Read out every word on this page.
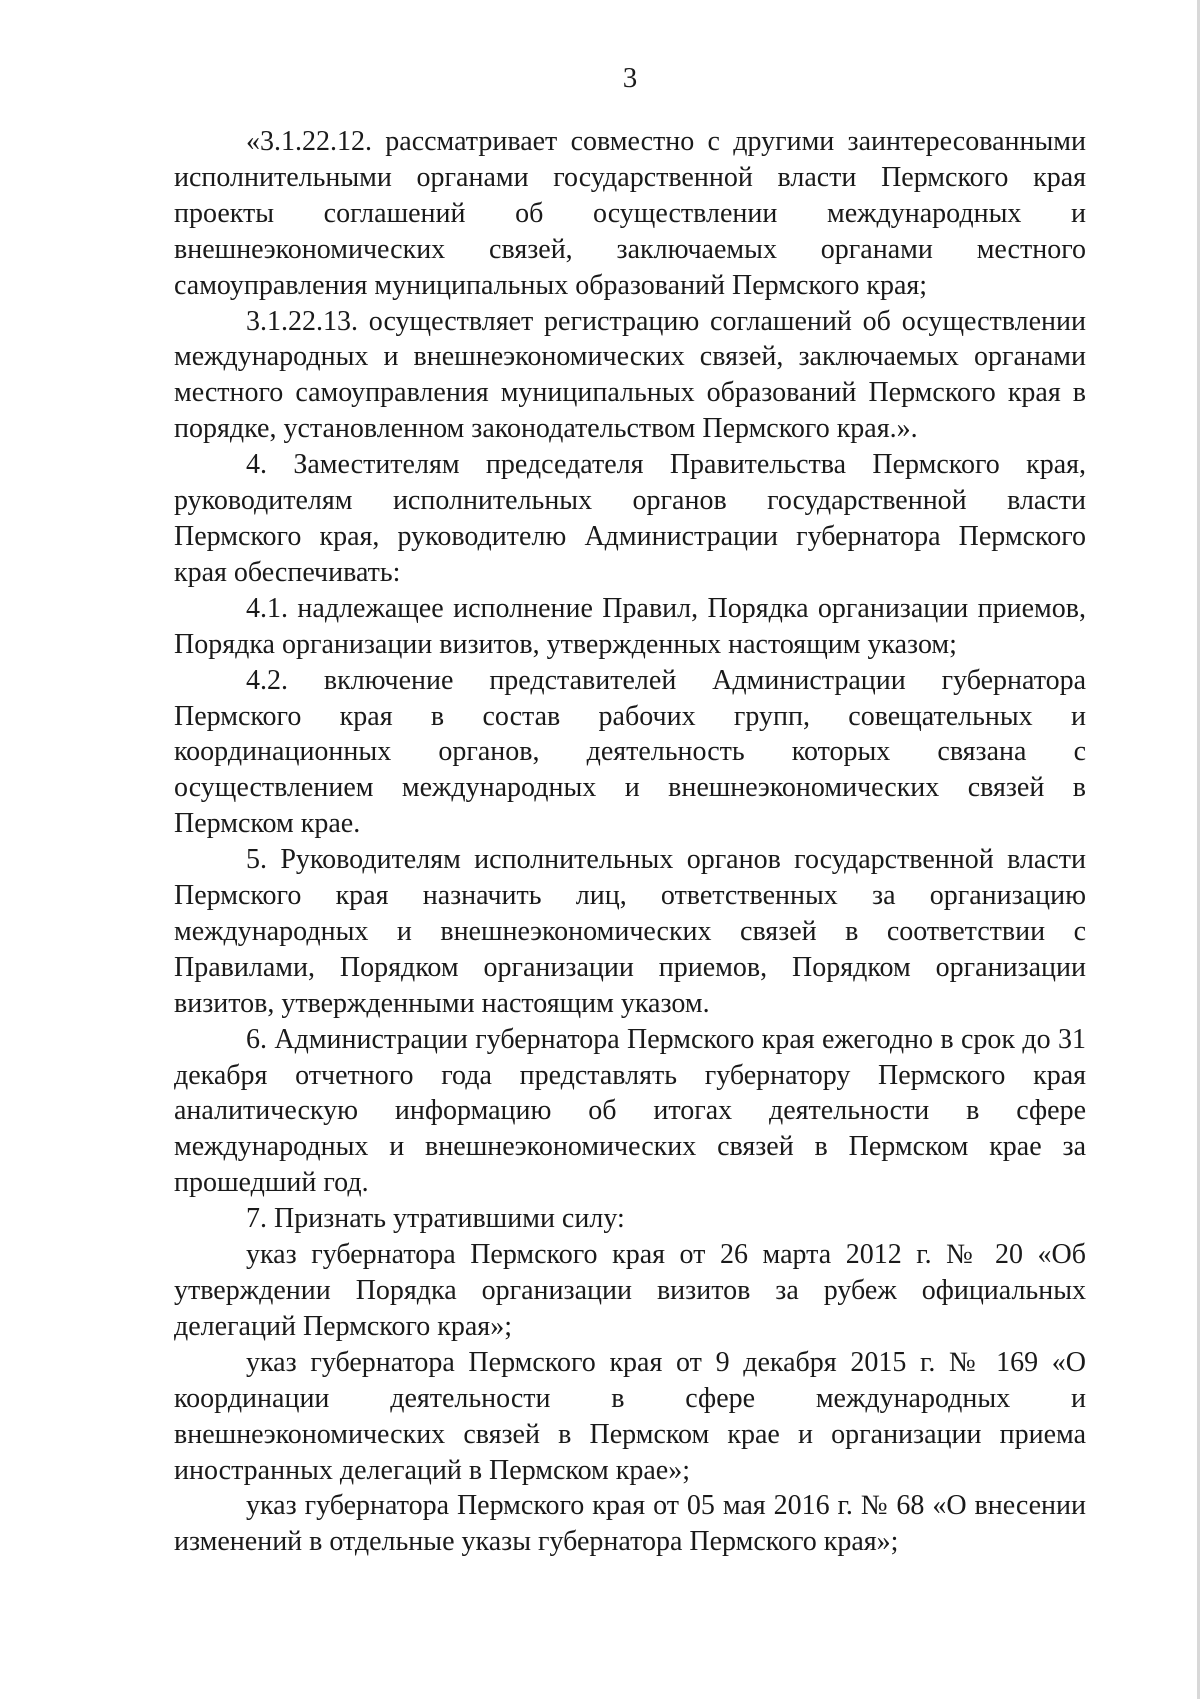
3

«3.1.22.12. рассматривает совместно с другими заинтересованными исполнительными органами государственной власти Пермского края проекты соглашений об осуществлении международных и внешнеэкономических связей, заключаемых органами местного самоуправления муниципальных образований Пермского края;

3.1.22.13. осуществляет регистрацию соглашений об осуществлении международных и внешнеэкономических связей, заключаемых органами местного самоуправления муниципальных образований Пермского края в порядке, установленном законодательством Пермского края.».

4. Заместителям председателя Правительства Пермского края, руководителям исполнительных органов государственной власти Пермского края, руководителю Администрации губернатора Пермского края обеспечивать:

4.1. надлежащее исполнение Правил, Порядка организации приемов, Порядка организации визитов, утвержденных настоящим указом;

4.2. включение представителей Администрации губернатора Пермского края в состав рабочих групп, совещательных и координационных органов, деятельность которых связана с осуществлением международных и внешнеэкономических связей в Пермском крае.

5. Руководителям исполнительных органов государственной власти Пермского края назначить лиц, ответственных за организацию международных и внешнеэкономических связей в соответствии с Правилами, Порядком организации приемов, Порядком организации визитов, утвержденными настоящим указом.

6. Администрации губернатора Пермского края ежегодно в срок до 31 декабря отчетного года представлять губернатору Пермского края аналитическую информацию об итогах деятельности в сфере международных и внешнеэкономических связей в Пермском крае за прошедший год.

7. Признать утратившими силу:

указ губернатора Пермского края от 26 марта 2012 г. № 20 «Об утверждении Порядка организации визитов за рубеж официальных делегаций Пермского края»;

указ губернатора Пермского края от 9 декабря 2015 г. № 169 «О координации деятельности в сфере международных и внешнеэкономических связей в Пермском крае и организации приема иностранных делегаций в Пермском крае»;

указ губернатора Пермского края от 05 мая 2016 г. № 68 «О внесении изменений в отдельные указы губернатора Пермского края»;
